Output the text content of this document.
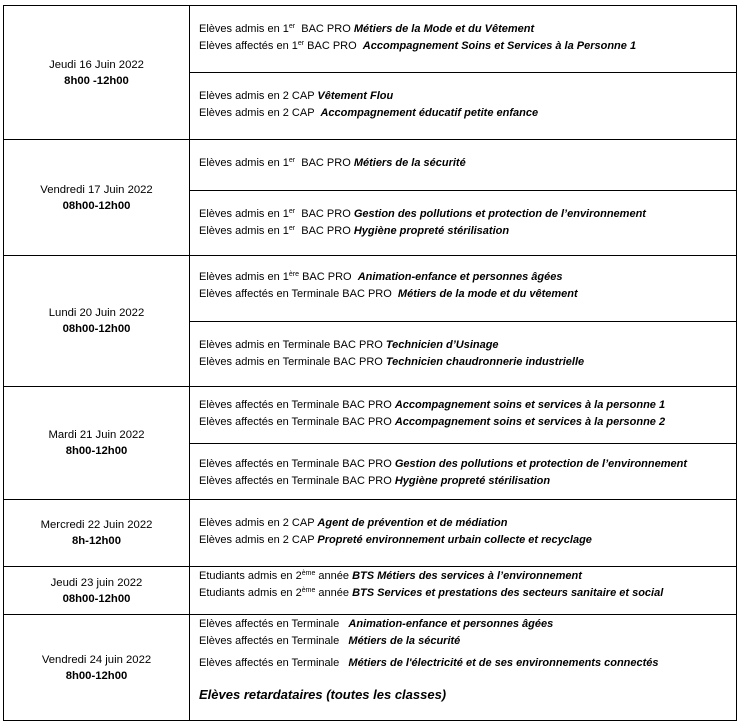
Jeudi 16 Juin 2022
8h00 -12h00
Elèves admis en 1er  BAC PRO Métiers de la Mode et du Vêtement
Elèves affectés en 1er BAC PRO  Accompagnement Soins et Services à la Personne 1
Elèves admis en 2 CAP Vêtement Flou
Elèves admis en 2 CAP  Accompagnement éducatif petite enfance
Vendredi 17 Juin 2022
08h00-12h00
Elèves admis en 1er  BAC PRO Métiers de la sécurité
Elèves admis en 1er  BAC PRO Gestion des pollutions et protection de l’environnement
Elèves admis en 1er  BAC PRO Hygiène propreté stérilisation
Lundi 20 Juin 2022
08h00-12h00
Elèves admis en 1ère BAC PRO  Animation-enfance et personnes âgées
Elèves affectés en Terminale BAC PRO  Métiers de la mode et du vêtement
Elèves admis en Terminale BAC PRO Technicien d’Usinage
Elèves admis en Terminale BAC PRO Technicien chaudronnerie industrielle
Mardi 21 Juin 2022
8h00-12h00
Elèves affectés en Terminale BAC PRO Accompagnement soins et services à la personne 1
Elèves affectés en Terminale BAC PRO Accompagnement soins et services à la personne 2
Elèves affectés en Terminale BAC PRO Gestion des pollutions et protection de l’environnement
Elèves affectés en Terminale BAC PRO Hygiène propreté stérilisation
Mercredi 22 Juin 2022
8h-12h00
Elèves admis en 2 CAP Agent de prévention et de médiation
Elèves admis en 2 CAP Propreté environnement urbain collecte et recyclage
Jeudi 23 juin 2022
08h00-12h00
Etudiants admis en 2ème année BTS Métiers des services à l’environnement
Etudiants admis en 2ème année BTS Services et prestations des secteurs sanitaire et social
Vendredi 24 juin 2022
8h00-12h00
Elèves affectés en Terminale   Animation-enfance et personnes âgées
Elèves affectés en Terminale   Métiers de la sécurité
Elèves affectés en Terminale   Métiers de l'électricité et de ses environnements connectés
Elèves retardataires (toutes les classes)
